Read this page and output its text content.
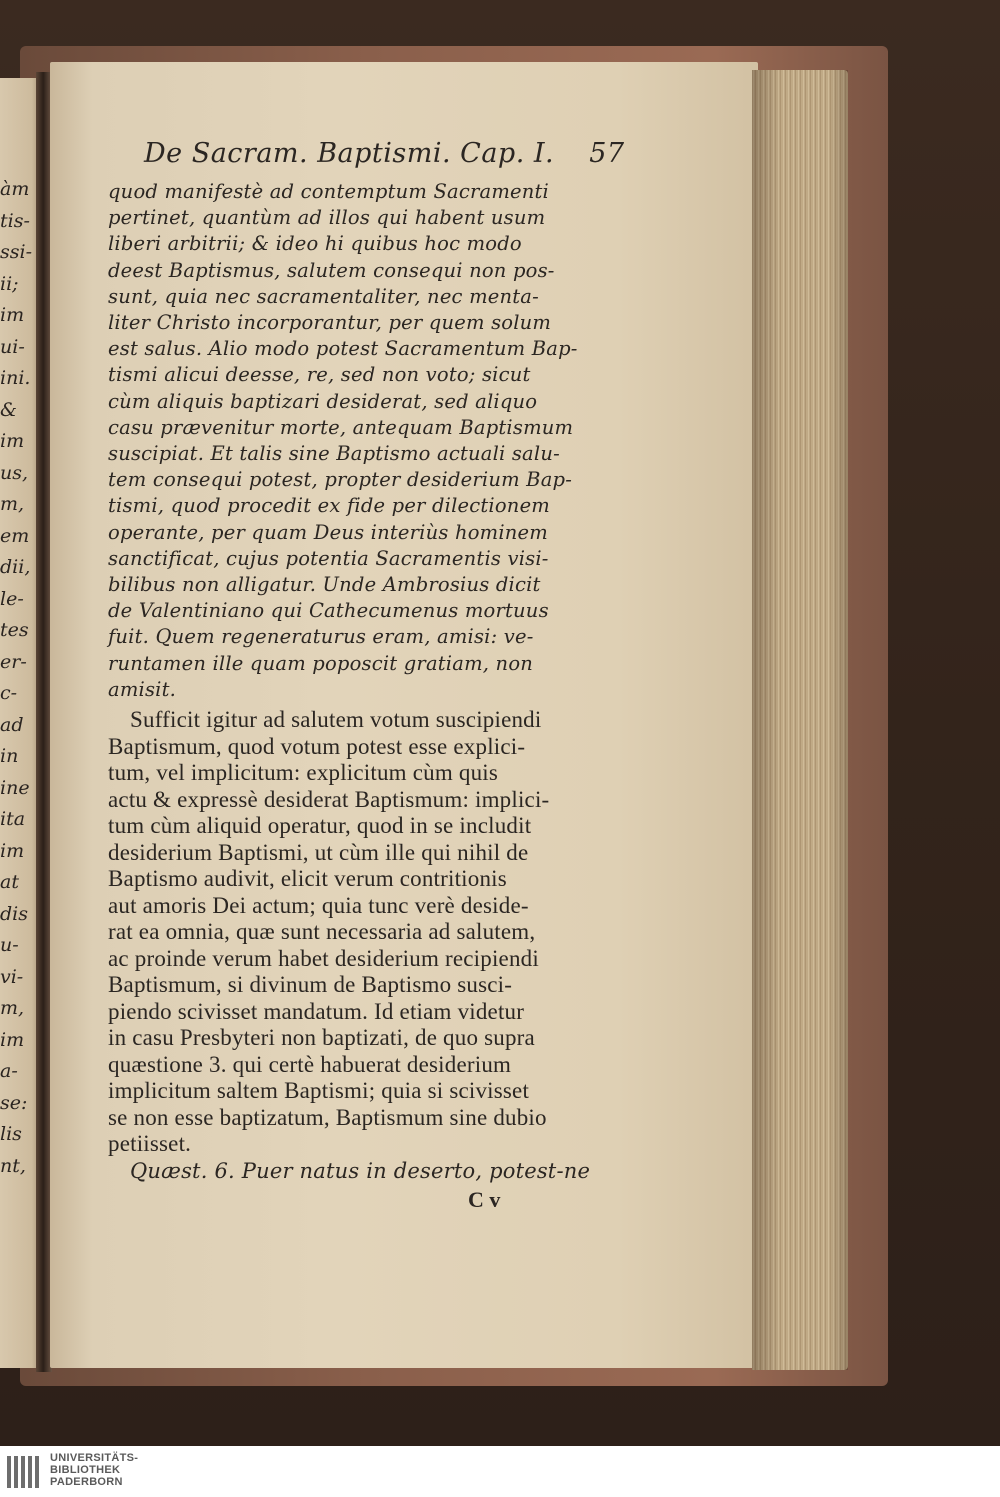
àm
tis-
ssi-
ii;
im
ui-
ini.
&
im
us,
m,
em
dii,
le-
tes
er-
c-
ad
in
ine
ita
im
at
dis
u-
vi-
m,
im
a-
se:
lis
nt,
De Sacram. Baptismi. Cap. I. 57
quod manifestè ad contemptum Sacramenti
pertinet, quantùm ad illos qui habent usum
liberi arbitrii; & ideo hi quibus hoc modo
deest Baptismus, salutem consequi non pos-
sunt, quia nec sacramentaliter, nec menta-
liter Christo incorporantur, per quem solum
est salus. Alio modo potest Sacramentum Bap-
tismi alicui deesse, re, sed non voto; sicut
cùm aliquis baptizari desiderat, sed aliquo
casu prævenitur morte, antequam Baptismum
suscipiat. Et talis sine Baptismo actuali salu-
tem consequi potest, propter desiderium Bap-
tismi, quod procedit ex fide per dilectionem
operante, per quam Deus interiùs hominem
sanctificat, cujus potentia Sacramentis visi-
bilibus non alligatur. Unde Ambrosius dicit
de Valentiniano qui Cathecumenus mortuus
fuit. Quem regeneraturus eram, amisi: ve-
runtamen ille quam poposcit gratiam, non
amisit.
Sufficit igitur ad salutem votum suscipiendi
Baptismum, quod votum potest esse explici-
tum, vel implicitum: explicitum cùm quis
actu & expressè desiderat Baptismum: implici-
tum cùm aliquid operatur, quod in se includit
desiderium Baptismi, ut cùm ille qui nihil de
Baptismo audivit, elicit verum contritionis
aut amoris Dei actum; quia tunc verè deside-
rat ea omnia, quæ sunt necessaria ad salutem,
ac proinde verum habet desiderium recipiendi
Baptismum, si divinum de Baptismo susci-
piendo scivisset mandatum. Id etiam videtur
in casu Presbyteri non baptizati, de quo supra
quæstione 3. qui certè habuerat desiderium
implicitum saltem Baptismi; quia si scivisset
se non esse baptizatum, Baptismum sine dubio
petiisset.
Quæst. 6. Puer natus in deserto, potest-ne
C v
UNIVERSITÄTS-
BIBLIOTHEK
PADERBORN
